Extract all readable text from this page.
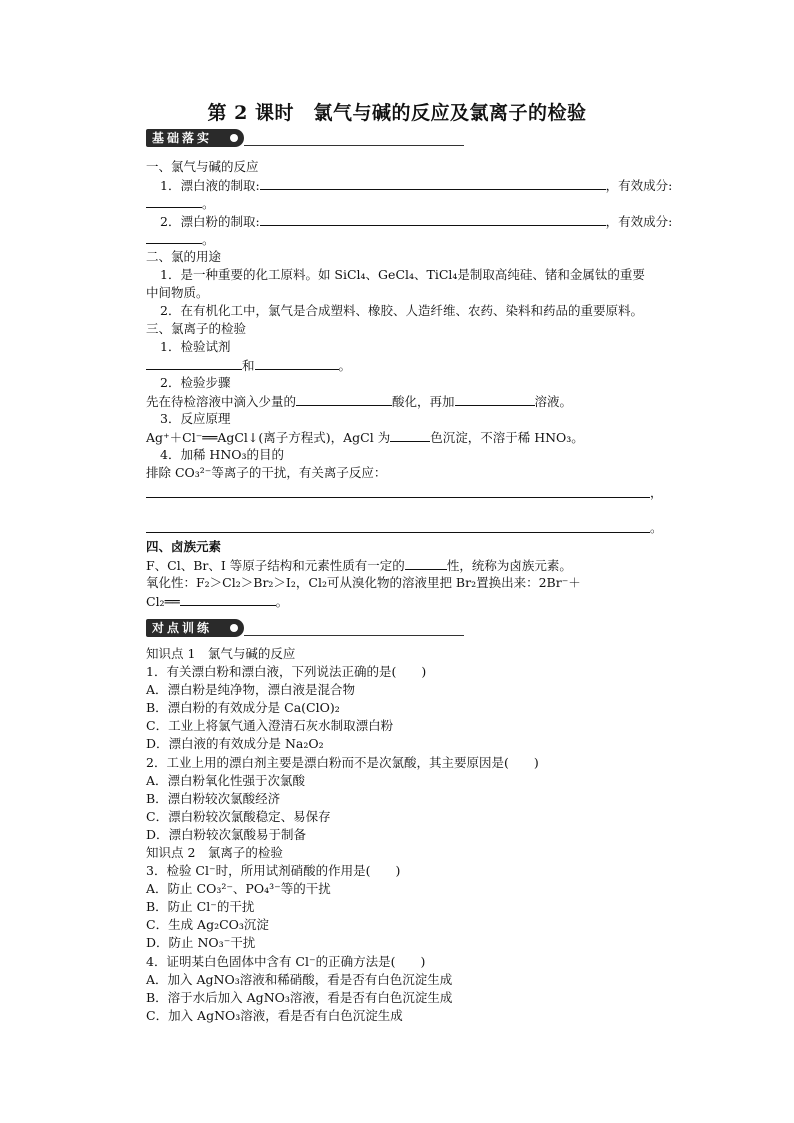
第 2 课时　氯气与碱的反应及氯离子的检验
基础落实
一、氯气与碱的反应
1．漂白液的制取:	，有效成分:
。
2．漂白粉的制取:	，有效成分:
。
二、氯的用途
1．是一种重要的化工原料。如 SiCl₄、GeCl₄、TiCl₄是制取高纯硅、锗和金属钛的重要
中间物质。
2．在有机化工中，氯气是合成塑料、橡胶、人造纤维、农药、染料和药品的重要原料。
三、氯离子的检验
1．检验试剂
和	。
2．检验步骤
先在待检溶液中滴入少量的	酸化，再加	溶液。
3．反应原理
Ag⁺＋Cl⁻══AgCl↓(离子方程式)，AgCl 为	色沉淀，不溶于稀 HNO₃。
4．加稀 HNO₃的目的
排除 CO₃²⁻等离子的干扰，有关离子反应：
，
。
四、卤族元素
F、Cl、Br、I 等原子结构和元素性质有一定的	性，统称为卤族元素。
氧化性：F₂＞Cl₂＞Br₂＞I₂，Cl₂可从溴化物的溶液里把 Br₂置换出来：2Br⁻＋
Cl₂══	。
对点训练
知识点 1　氯气与碱的反应
1．有关漂白粉和漂白液，下列说法正确的是(　　)
A．漂白粉是纯净物，漂白液是混合物
B．漂白粉的有效成分是 Ca(ClO)₂
C．工业上将氯气通入澄清石灰水制取漂白粉
D．漂白液的有效成分是 Na₂O₂
2．工业上用的漂白剂主要是漂白粉而不是次氯酸，其主要原因是(　　)
A．漂白粉氧化性强于次氯酸
B．漂白粉较次氯酸经济
C．漂白粉较次氯酸稳定、易保存
D．漂白粉较次氯酸易于制备
知识点 2　氯离子的检验
3．检验 Cl⁻时，所用试剂硝酸的作用是(　　)
A．防止 CO₃²⁻、PO₄³⁻等的干扰
B．防止 Cl⁻的干扰
C．生成 Ag₂CO₃沉淀
D．防止 NO₃⁻干扰
4．证明某白色固体中含有 Cl⁻的正确方法是(　　)
A．加入 AgNO₃溶液和稀硝酸，看是否有白色沉淀生成
B．溶于水后加入 AgNO₃溶液，看是否有白色沉淀生成
C．加入 AgNO₃溶液，看是否有白色沉淀生成
